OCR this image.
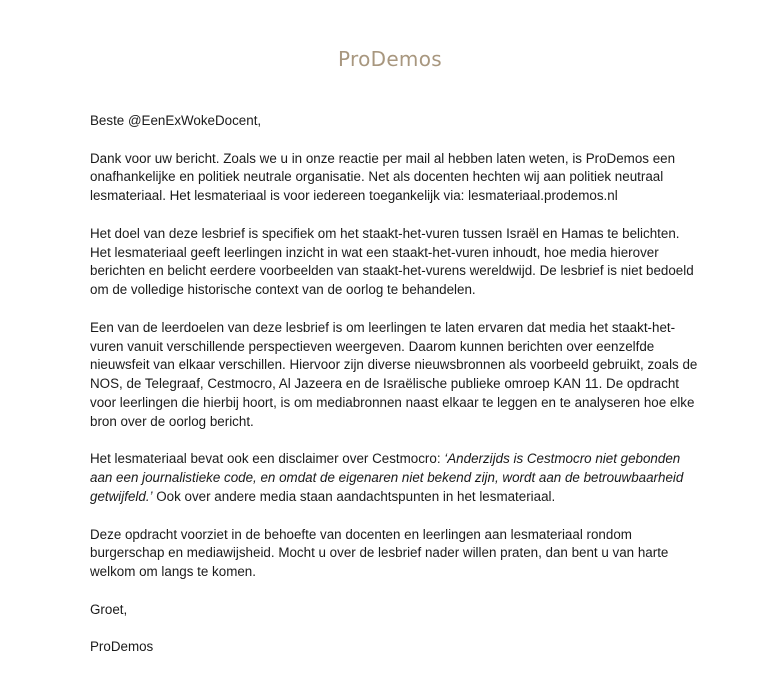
ProDemos

Beste @EenExWokeDocent,

Dank voor uw bericht. Zoals we u in onze reactie per mail al hebben laten weten, is ProDemos een onafhankelijke en politiek neutrale organisatie. Net als docenten hechten wij aan politiek neutraal lesmateriaal. Het lesmateriaal is voor iedereen toegankelijk via: lesmateriaal.prodemos.nl

Het doel van deze lesbrief is specifiek om het staakt-het-vuren tussen Israël en Hamas te belichten. Het lesmateriaal geeft leerlingen inzicht in wat een staakt-het-vuren inhoudt, hoe media hierover berichten en belicht eerdere voorbeelden van staakt-het-vurens wereldwijd. De lesbrief is niet bedoeld om de volledige historische context van de oorlog te behandelen.

Een van de leerdoelen van deze lesbrief is om leerlingen te laten ervaren dat media het staakt-het-vuren vanuit verschillende perspectieven weergeven. Daarom kunnen berichten over eenzelfde nieuwsfeit van elkaar verschillen. Hiervoor zijn diverse nieuwsbronnen als voorbeeld gebruikt, zoals de NOS, de Telegraaf, Cestmocro, Al Jazeera en de Israëlische publieke omroep KAN 11. De opdracht voor leerlingen die hierbij hoort, is om mediabronnen naast elkaar te leggen en te analyseren hoe elke bron over de oorlog bericht.

Het lesmateriaal bevat ook een disclaimer over Cestmocro: ‘Anderzijds is Cestmocro niet gebonden aan een journalistieke code, en omdat de eigenaren niet bekend zijn, wordt aan de betrouwbaarheid getwijfeld.’ Ook over andere media staan aandachtspunten in het lesmateriaal.

Deze opdracht voorziet in de behoefte van docenten en leerlingen aan lesmateriaal rondom burgerschap en mediawijsheid. Mocht u over de lesbrief nader willen praten, dan bent u van harte welkom om langs te komen.

Groet,

ProDemos
